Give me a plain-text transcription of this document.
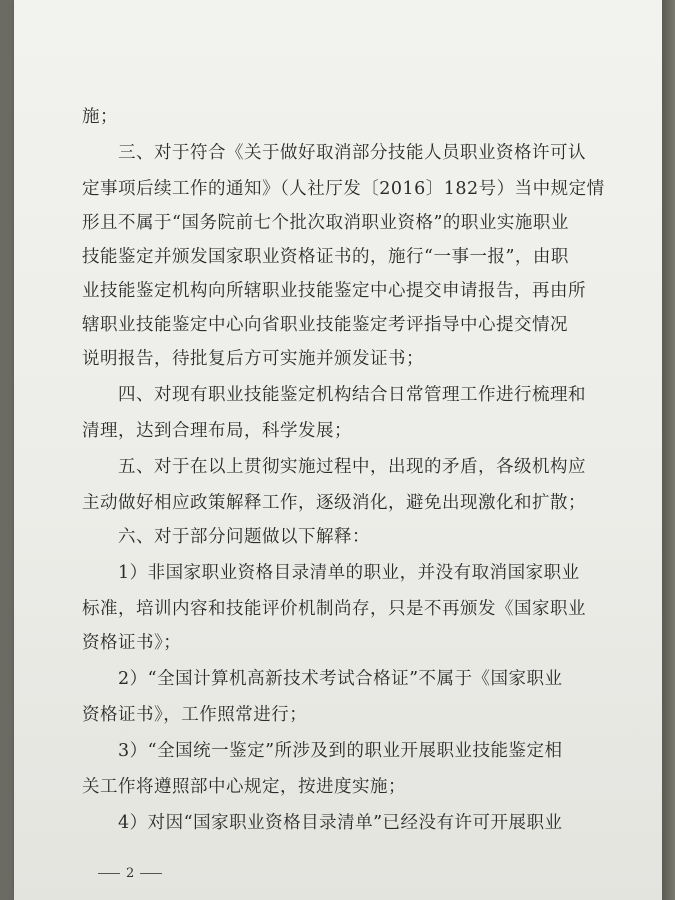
施；
三、对于符合《关于做好取消部分技能人员职业资格许可认
定事项后续工作的通知》（人社厅发〔2016〕182号）当中规定情
形且不属于“国务院前七个批次取消职业资格”的职业实施职业
技能鉴定并颁发国家职业资格证书的，施行“一事一报”，由职
业技能鉴定机构向所辖职业技能鉴定中心提交申请报告，再由所
辖职业技能鉴定中心向省职业技能鉴定考评指导中心提交情况
说明报告，待批复后方可实施并颁发证书；
四、对现有职业技能鉴定机构结合日常管理工作进行梳理和
清理，达到合理布局，科学发展；
五、对于在以上贯彻实施过程中，出现的矛盾，各级机构应
主动做好相应政策解释工作，逐级消化，避免出现激化和扩散；
六、对于部分问题做以下解释：
1）非国家职业资格目录清单的职业，并没有取消国家职业
标准，培训内容和技能评价机制尚存，只是不再颁发《国家职业
资格证书》；
2）“全国计算机高新技术考试合格证”不属于《国家职业
资格证书》，工作照常进行；
3）“全国统一鉴定”所涉及到的职业开展职业技能鉴定相
关工作将遵照部中心规定，按进度实施；
4）对因“国家职业资格目录清单”已经没有许可开展职业
2
